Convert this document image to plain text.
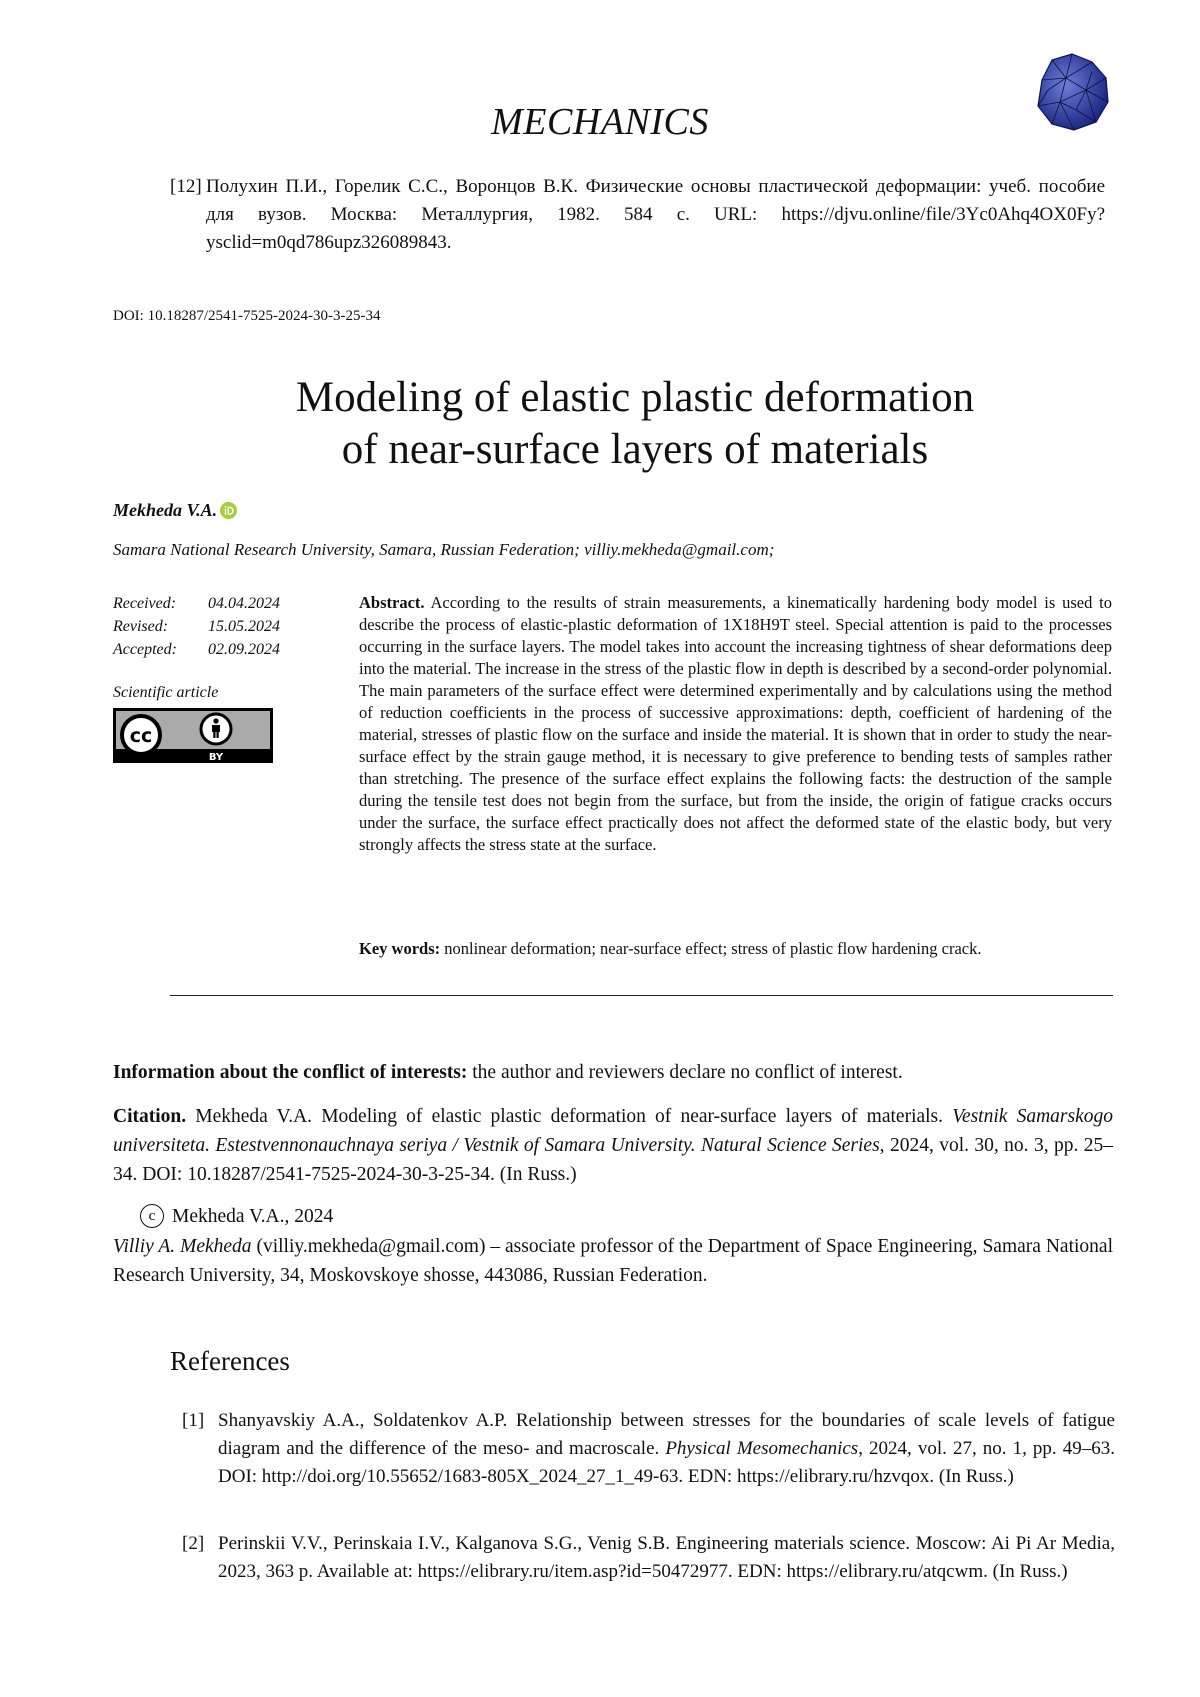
MECHANICS
[12] Полухин П.И., Горелик С.С., Воронцов В.К. Физические основы пластической деформации: учеб. пособие для вузов. Москва: Металлургия, 1982. 584 с. URL: https://djvu.online/file/3Yc0Ahq4OX0Fy?ysclid=m0qd786upz326089843.
DOI: 10.18287/2541-7525-2024-30-3-25-34
Modeling of elastic plastic deformation
of near-surface layers of materials
Mekheda V.A.
Samara National Research University, Samara, Russian Federation; villiy.mekheda@gmail.com;
Received: 04.04.2024
Revised: 15.05.2024
Accepted: 02.09.2024
Scientific article
cc
BY
Abstract. According to the results of strain measurements, a kinematically hardening body model is used to describe the process of elastic-plastic deformation of 1X18H9T steel. Special attention is paid to the processes occurring in the surface layers. The model takes into account the increasing tightness of shear deformations deep into the material. The increase in the stress of the plastic flow in depth is described by a second-order polynomial. The main parameters of the surface effect were determined experimentally and by calculations using the method of reduction coefficients in the process of successive approximations: depth, coefficient of hardening of the material, stresses of plastic flow on the surface and inside the material. It is shown that in order to study the near-surface effect by the strain gauge method, it is necessary to give preference to bending tests of samples rather than stretching. The presence of the surface effect explains the following facts: the destruction of the sample during the tensile test does not begin from the surface, but from the inside, the origin of fatigue cracks occurs under the surface, the surface effect practically does not affect the deformed state of the elastic body, but very strongly affects the stress state at the surface.
Key words: nonlinear deformation; near-surface effect; stress of plastic flow hardening crack.
Information about the conflict of interests: the author and reviewers declare no conflict of interest.
Citation. Mekheda V.A. Modeling of elastic plastic deformation of near-surface layers of materials. Vestnik Samarskogo universiteta. Estestvennonauchnaya seriya / Vestnik of Samara University. Natural Science Series, 2024, vol. 30, no. 3, pp. 25–34. DOI: 10.18287/2541-7525-2024-30-3-25-34. (In Russ.)
c Mekheda V.A., 2024
Villiy A. Mekheda (villiy.mekheda@gmail.com) – associate professor of the Department of Space Engineering, Samara National Research University, 34, Moskovskoye shosse, 443086, Russian Federation.
References
[1] Shanyavskiy A.A., Soldatenkov A.P. Relationship between stresses for the boundaries of scale levels of fatigue diagram and the difference of the meso- and macroscale. Physical Mesomechanics, 2024, vol. 27, no. 1, pp. 49–63. DOI: http://doi.org/10.55652/1683-805X_2024_27_1_49-63. EDN: https://elibrary.ru/hzvqox. (In Russ.)
[2] Perinskii V.V., Perinskaia I.V., Kalganova S.G., Venig S.B. Engineering materials science. Moscow: Ai Pi Ar Media, 2023, 363 p. Available at: https://elibrary.ru/item.asp?id=50472977. EDN: https://elibrary.ru/atqcwm. (In Russ.)
